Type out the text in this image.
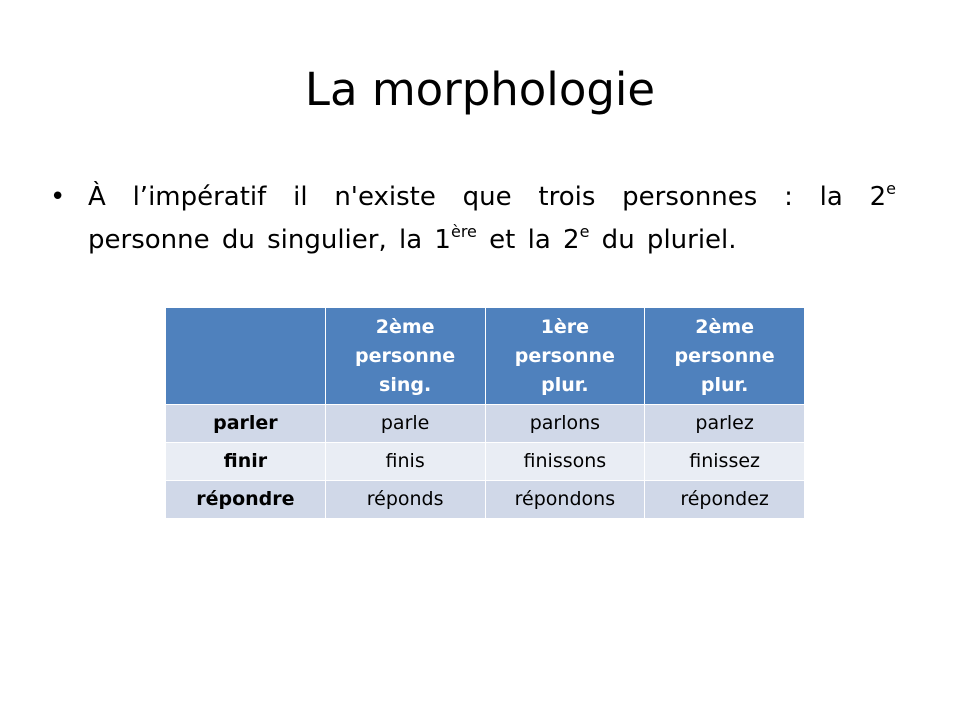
La morphologie
• À l’impératif il n'existe que trois personnes : la 2e personne du singulier, la 1ère et la 2e du pluriel.
	2ème personne sing.	1ère personne plur.	2ème personne plur.
parler	parle	parlons	parlez
finir	finis	finissons	finissez
répondre	réponds	répondons	répondez
